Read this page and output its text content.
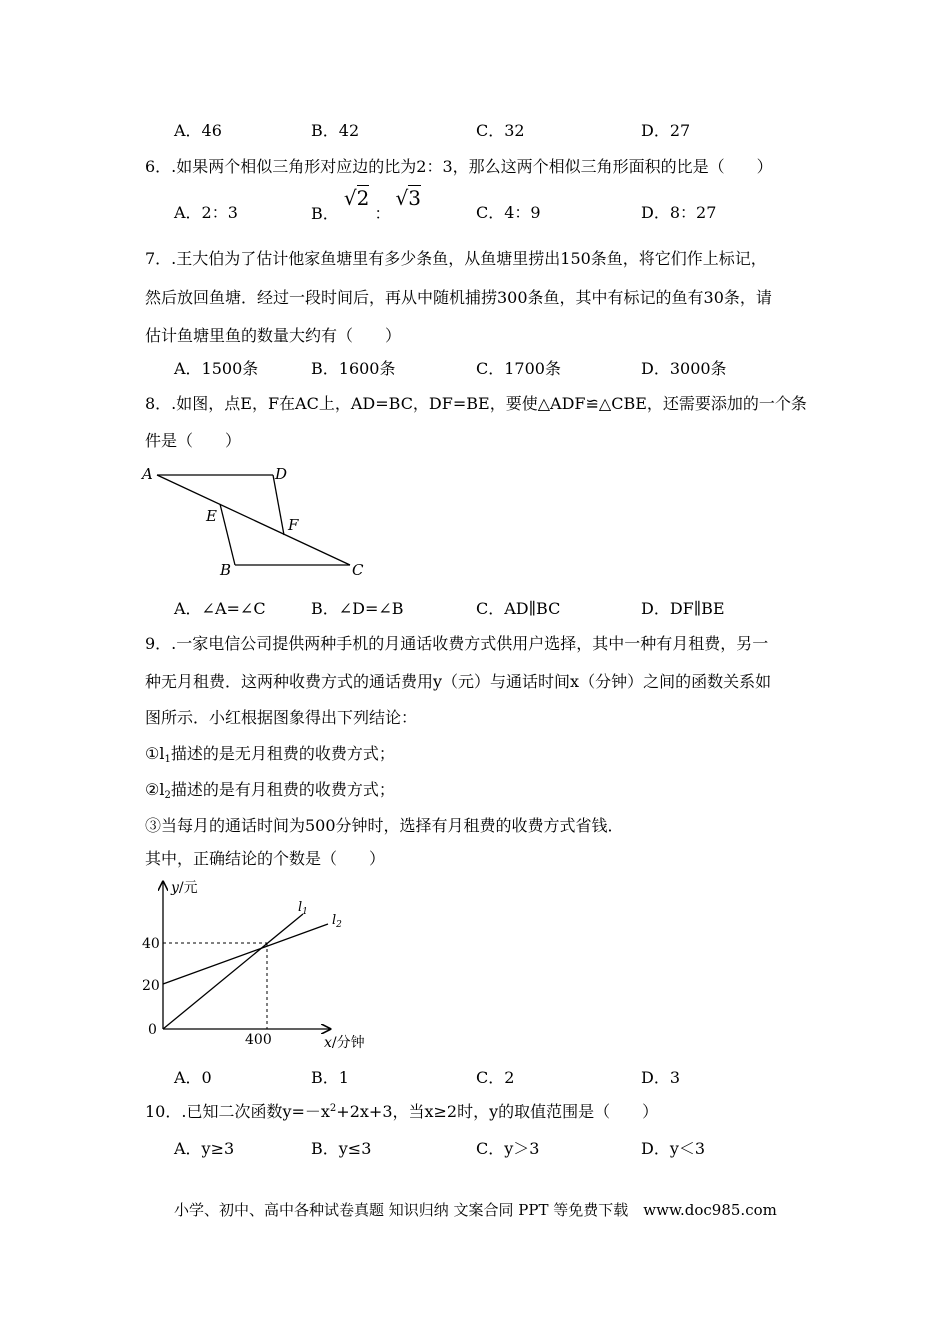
A．46	B．42	C．32	D．27
6．.如果两个相似三角形对应边的比为2：3，那么这两个相似三角形面积的比是（　　）
A．2：3	B． √2 ： √3
C．4：9	D．8：27
7．.王大伯为了估计他家鱼塘里有多少条鱼，从鱼塘里捞出150条鱼，将它们作上标记，
然后放回鱼塘．经过一段时间后，再从中随机捕捞300条鱼，其中有标记的鱼有30条，请
估计鱼塘里鱼的数量大约有（　　）
A．1500条	B．1600条	C．1700条	D．3000条
8．.如图，点E，F在AC上，AD=BC，DF=BE，要使△ADF≌△CBE，还需要添加的一个条
件是（　　）
A	D
E	F
B	C
A．∠A=∠C	B．∠D=∠B	C．AD∥BC	D．DF∥BE
9．.一家电信公司提供两种手机的月通话收费方式供用户选择，其中一种有月租费，另一
种无月租费．这两种收费方式的通话费用y（元）与通话时间x（分钟）之间的函数关系如
图所示．小红根据图象得出下列结论：
$①l_1$描述的是无月租费的收费方式；
$②l_2$描述的是有月租费的收费方式；
③当每月的通话时间为500分钟时，选择有月租费的收费方式省钱．
其中，正确结论的个数是（　　）
y/元
40
20
0
400	x/分钟
$l_1$
$l_2$
A．0	B．1	C．2	D．3
10．.已知二次函数$y=-x^2+2x+3$，当x≥2时，y的取值范围是（　　）
A．y≥3	B．y≤3	C．y＞3	D．y＜3
小学、初中、高中各种试卷真题 知识归纳 文案合同 PPT 等免费下载　www.doc985.com
